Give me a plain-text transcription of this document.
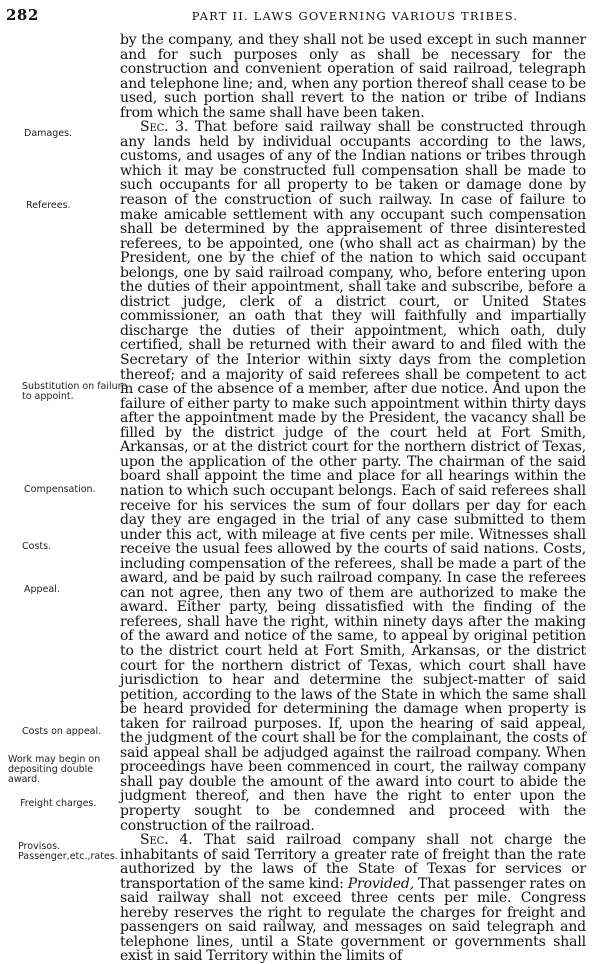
282	PART II. LAWS GOVERNING VARIOUS TRIBES.
Damages.
Referees.
Substitution on failure to appoint.
Compensation.
Costs.
Appeal.
Costs on appeal.
Work may begin on depositing double award.
Freight charges.
Provisos. Passenger,etc.,rates.

by the company, and they shall not be used except in such manner and for such purposes only as shall be necessary for the construction and convenient operation of said railroad, telegraph and telephone line; and, when any portion thereof shall cease to be used, such portion shall revert to the nation or tribe of Indians from which the same shall have been taken.

Sec. 3. That before said railway shall be constructed through any lands held by individual occupants according to the laws, customs, and usages of any of the Indian nations or tribes through which it may be constructed full compensation shall be made to such occupants for all property to be taken or damage done by reason of the construction of such railway. In case of failure to make amicable settlement with any occupant such compensation shall be determined by the appraisement of three disinterested referees, to be appointed, one (who shall act as chairman) by the President, one by the chief of the nation to which said occupant belongs, one by said railroad company, who, before entering upon the duties of their appointment, shall take and subscribe, before a district judge, clerk of a district court, or United States commissioner, an oath that they will faithfully and impartially discharge the duties of their appointment, which oath, duly certified, shall be returned with their award to and filed with the Secretary of the Interior within sixty days from the completion thereof; and a majority of said referees shall be competent to act in case of the absence of a member, after due notice. And upon the failure of either party to make such appointment within thirty days after the appointment made by the President, the vacancy shall be filled by the district judge of the court held at Fort Smith, Arkansas, or at the district court for the northern district of Texas, upon the application of the other party. The chairman of the said board shall appoint the time and place for all hearings within the nation to which such occupant belongs. Each of said referees shall receive for his services the sum of four dollars per day for each day they are engaged in the trial of any case submitted to them under this act, with mileage at five cents per mile. Witnesses shall receive the usual fees allowed by the courts of said nations. Costs, including compensation of the referees, shall be made a part of the award, and be paid by such railroad company. In case the referees can not agree, then any two of them are authorized to make the award. Either party, being dissatisfied with the finding of the referees, shall have the right, within ninety days after the making of the award and notice of the same, to appeal by original petition to the district court held at Fort Smith, Arkansas, or the district court for the northern district of Texas, which court shall have jurisdiction to hear and determine the subject-matter of said petition, according to the laws of the State in which the same shall be heard provided for determining the damage when property is taken for railroad purposes. If, upon the hearing of said appeal, the judgment of the court shall be for the complainant, the costs of said appeal shall be adjudged against the railroad company. When proceedings have been commenced in court, the railway company shall pay double the amount of the award into court to abide the judgment thereof, and then have the right to enter upon the property sought to be condemned and proceed with the construction of the railroad.

Sec. 4. That said railroad company shall not charge the inhabitants of said Territory a greater rate of freight than the rate authorized by the laws of the State of Texas for services or transportation of the same kind: Provided, That passenger rates on said railway shall not exceed three cents per mile. Congress hereby reserves the right to regulate the charges for freight and passengers on said railway, and messages on said telegraph and telephone lines, until a State government or governments shall exist in said Territory within the limits of
